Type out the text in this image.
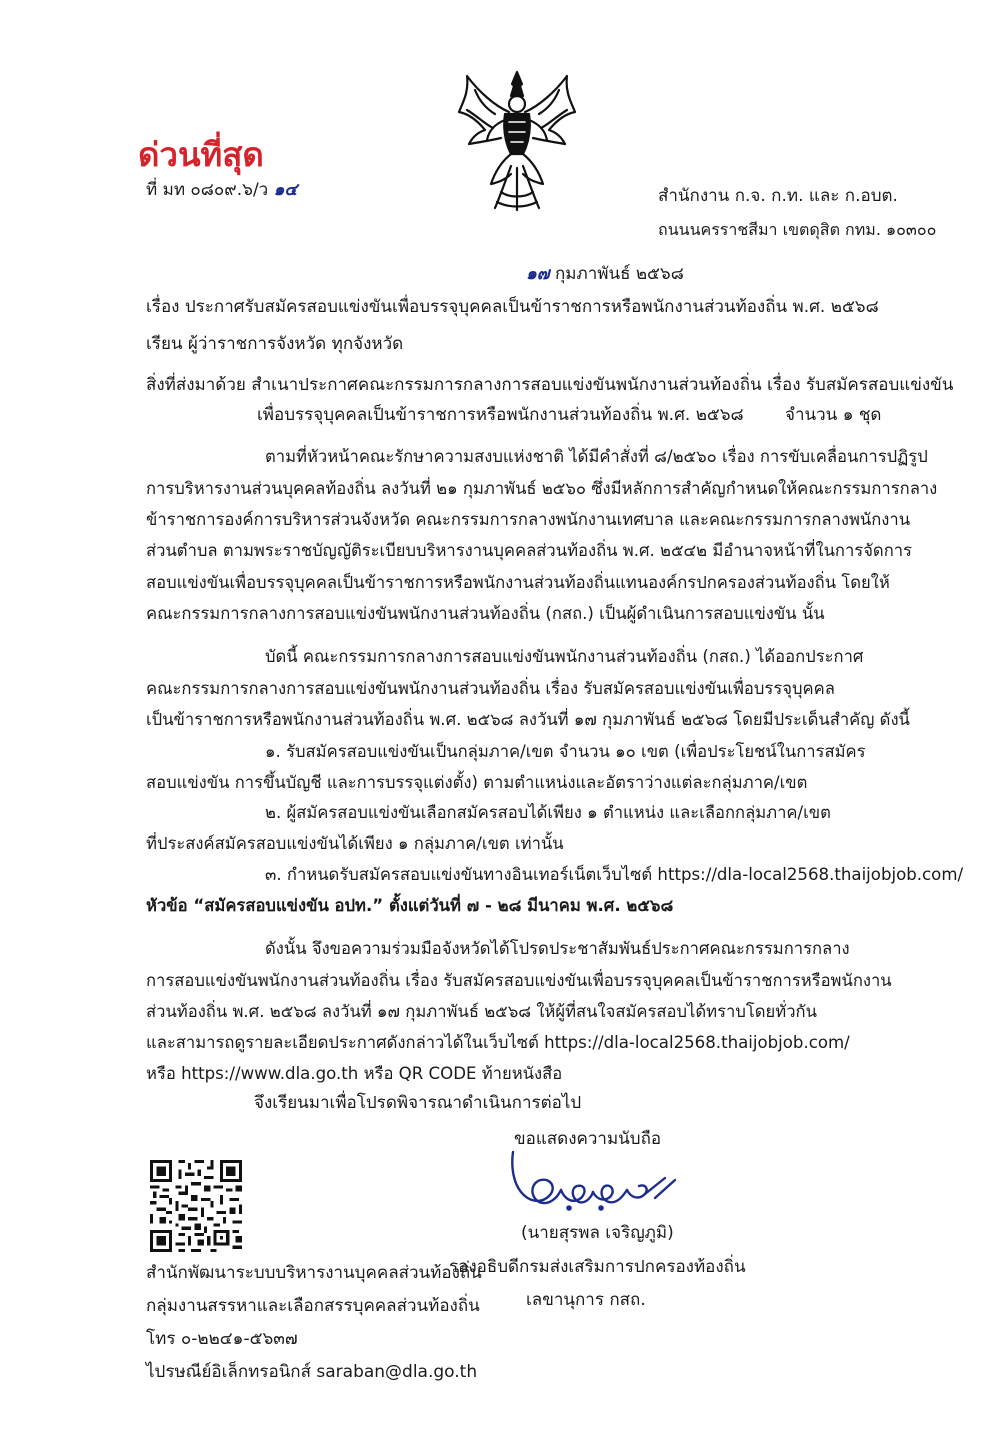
ด่วนที่สุด
ที่ มท ๐๘๐๙.๖/ว ๑๔	สำนักงาน ก.จ. ก.ท. และ ก.อบต.
ถนนนครราชสีมา เขตดุสิต กทม. ๑๐๓๐๐
๑๗ กุมภาพันธ์ ๒๕๖๘
เรื่อง ประกาศรับสมัครสอบแข่งขันเพื่อบรรจุบุคคลเป็นข้าราชการหรือพนักงานส่วนท้องถิ่น พ.ศ. ๒๕๖๘
เรียน ผู้ว่าราชการจังหวัด ทุกจังหวัด
สิ่งที่ส่งมาด้วย สำเนาประกาศคณะกรรมการกลางการสอบแข่งขันพนักงานส่วนท้องถิ่น เรื่อง รับสมัครสอบแข่งขัน
เพื่อบรรจุบุคคลเป็นข้าราชการหรือพนักงานส่วนท้องถิ่น พ.ศ. ๒๕๖๘ จำนวน ๑ ชุด
ตามที่หัวหน้าคณะรักษาความสงบแห่งชาติ ได้มีคำสั่งที่ ๘/๒๕๖๐ เรื่อง การขับเคลื่อนการปฏิรูป
การบริหารงานส่วนบุคคลท้องถิ่น ลงวันที่ ๒๑ กุมภาพันธ์ ๒๕๖๐ ซึ่งมีหลักการสำคัญกำหนดให้คณะกรรมการกลาง
ข้าราชการองค์การบริหารส่วนจังหวัด คณะกรรมการกลางพนักงานเทศบาล และคณะกรรมการกลางพนักงาน
ส่วนตำบล ตามพระราชบัญญัติระเบียบบริหารงานบุคคลส่วนท้องถิ่น พ.ศ. ๒๕๔๒ มีอำนาจหน้าที่ในการจัดการ
สอบแข่งขันเพื่อบรรจุบุคคลเป็นข้าราชการหรือพนักงานส่วนท้องถิ่นแทนองค์กรปกครองส่วนท้องถิ่น โดยให้
คณะกรรมการกลางการสอบแข่งขันพนักงานส่วนท้องถิ่น (กสถ.) เป็นผู้ดำเนินการสอบแข่งขัน นั้น
บัดนี้ คณะกรรมการกลางการสอบแข่งขันพนักงานส่วนท้องถิ่น (กสถ.) ได้ออกประกาศ
คณะกรรมการกลางการสอบแข่งขันพนักงานส่วนท้องถิ่น เรื่อง รับสมัครสอบแข่งขันเพื่อบรรจุบุคคล
เป็นข้าราชการหรือพนักงานส่วนท้องถิ่น พ.ศ. ๒๕๖๘ ลงวันที่ ๑๗ กุมภาพันธ์ ๒๕๖๘ โดยมีประเด็นสำคัญ ดังนี้
๑. รับสมัครสอบแข่งขันเป็นกลุ่มภาค/เขต จำนวน ๑๐ เขต (เพื่อประโยชน์ในการสมัคร
สอบแข่งขัน การขึ้นบัญชี และการบรรจุแต่งตั้ง) ตามตำแหน่งและอัตราว่างแต่ละกลุ่มภาค/เขต
๒. ผู้สมัครสอบแข่งขันเลือกสมัครสอบได้เพียง ๑ ตำแหน่ง และเลือกกลุ่มภาค/เขต
ที่ประสงค์สมัครสอบแข่งขันได้เพียง ๑ กลุ่มภาค/เขต เท่านั้น
๓. กำหนดรับสมัครสอบแข่งขันทางอินเทอร์เน็ตเว็บไซต์ https://dla-local2568.thaijobjob.com/
หัวข้อ “สมัครสอบแข่งขัน อปท.” ตั้งแต่วันที่ ๗ - ๒๘ มีนาคม พ.ศ. ๒๕๖๘
ดังนั้น จึงขอความร่วมมือจังหวัดได้โปรดประชาสัมพันธ์ประกาศคณะกรรมการกลาง
การสอบแข่งขันพนักงานส่วนท้องถิ่น เรื่อง รับสมัครสอบแข่งขันเพื่อบรรจุบุคคลเป็นข้าราชการหรือพนักงาน
ส่วนท้องถิ่น พ.ศ. ๒๕๖๘ ลงวันที่ ๑๗ กุมภาพันธ์ ๒๕๖๘ ให้ผู้ที่สนใจสมัครสอบได้ทราบโดยทั่วกัน
และสามารถดูรายละเอียดประกาศดังกล่าวได้ในเว็บไซต์ https://dla-local2568.thaijobjob.com/
หรือ https://www.dla.go.th หรือ QR CODE ท้ายหนังสือ
จึงเรียนมาเพื่อโปรดพิจารณาดำเนินการต่อไป
ขอแสดงความนับถือ
(นายสุรพล เจริญภูมิ)
รองอธิบดีกรมส่งเสริมการปกครองท้องถิ่น
เลขานุการ กสถ.
สำนักพัฒนาระบบบริหารงานบุคคลส่วนท้องถิ่น
กลุ่มงานสรรหาและเลือกสรรบุคคลส่วนท้องถิ่น
โทร ๐-๒๒๔๑-๕๖๓๗
ไปรษณีย์อิเล็กทรอนิกส์ saraban@dla.go.th
